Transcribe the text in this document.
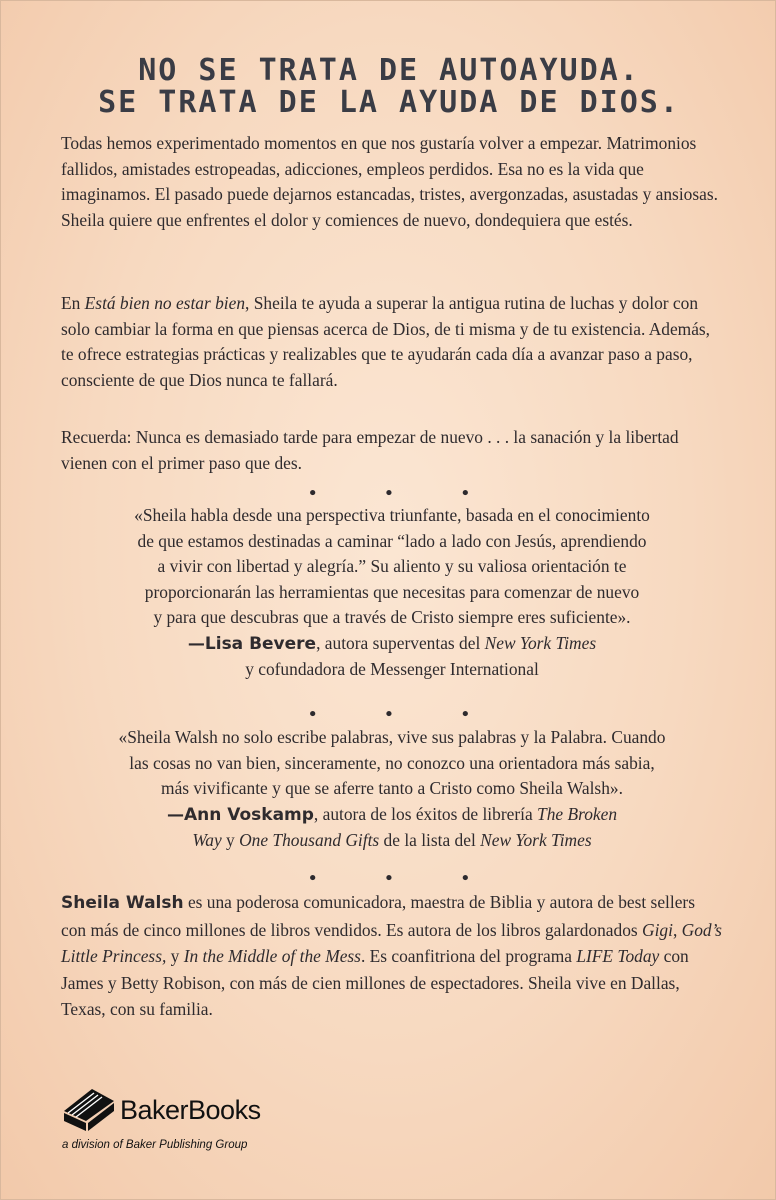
NO SE TRATA DE AUTOAYUDA.
SE TRATA DE LA AYUDA DE DIOS.

Todas hemos experimentado momentos en que nos gustaría volver a empezar. Matrimonios fallidos, amistades estropeadas, adicciones, empleos perdidos. Esa no es la vida que imaginamos. El pasado puede dejarnos estancadas, tristes, avergonzadas, asustadas y ansiosas. Sheila quiere que enfrentes el dolor y comiences de nuevo, dondequiera que estés.

En Está bien no estar bien, Sheila te ayuda a superar la antigua rutina de luchas y dolor con solo cambiar la forma en que piensas acerca de Dios, de ti misma y de tu existencia. Además, te ofrece estrategias prácticas y realizables que te ayudarán cada día a avanzar paso a paso, consciente de que Dios nunca te fallará.

Recuerda: Nunca es demasiado tarde para empezar de nuevo . . . la sanación y la libertad vienen con el primer paso que des.

• • •
«Sheila habla desde una perspectiva triunfante, basada en el conocimiento
de que estamos destinadas a caminar “lado a lado con Jesús, aprendiendo
a vivir con libertad y alegría.” Su aliento y su valiosa orientación te
proporcionarán las herramientas que necesitas para comenzar de nuevo
y para que descubras que a través de Cristo siempre eres suficiente».
—Lisa Bevere, autora superventas del New York Times
y cofundadora de Messenger International
• • •
«Sheila Walsh no solo escribe palabras, vive sus palabras y la Palabra. Cuando
las cosas no van bien, sinceramente, no conozco una orientadora más sabia,
más vivificante y que se aferre tanto a Cristo como Sheila Walsh».
—Ann Voskamp, autora de los éxitos de librería The Broken
Way y One Thousand Gifts de la lista del New York Times
• • •

Sheila Walsh es una poderosa comunicadora, maestra de Biblia y autora de best sellers con más de cinco millones de libros vendidos. Es autora de los libros galardonados Gigi, God’s Little Princess, y In the Middle of the Mess. Es coanfitriona del programa LIFE Today con James y Betty Robison, con más de cien millones de espectadores. Sheila vive en Dallas, Texas, con su familia.

BakerBooks
a division of Baker Publishing Group
